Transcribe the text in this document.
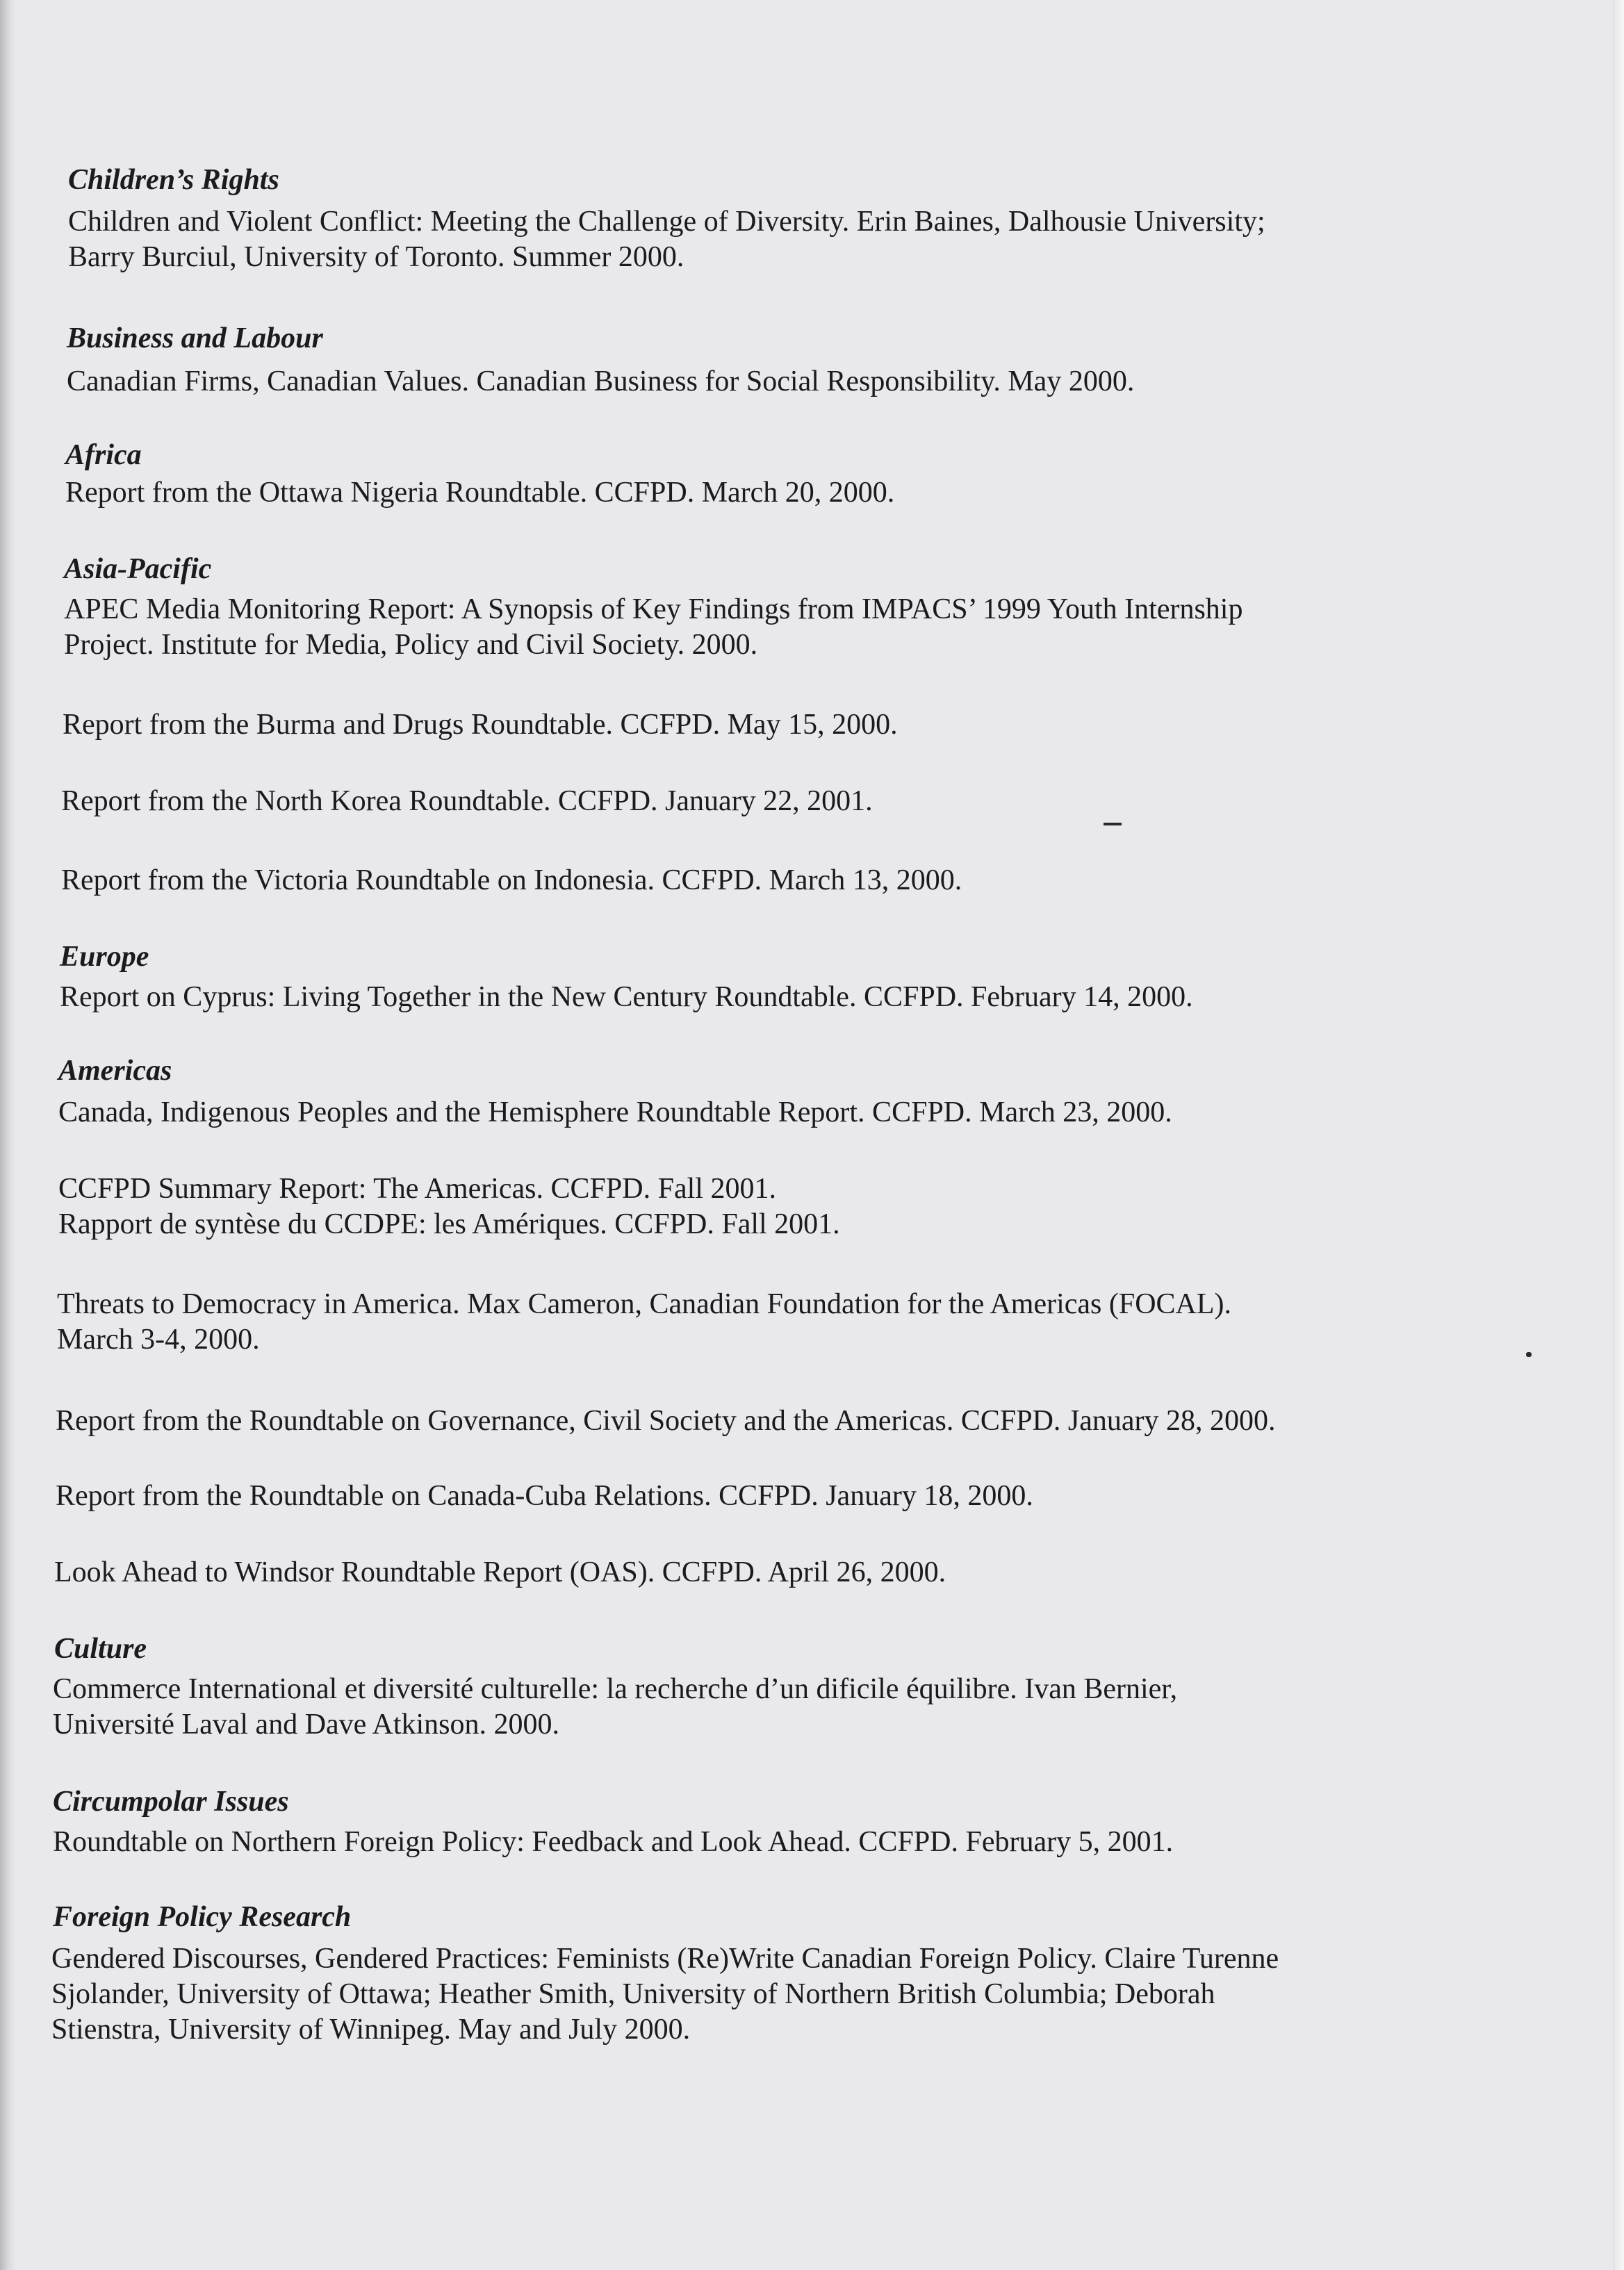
Children’s Rights
Children and Violent Conflict: Meeting the Challenge of Diversity. Erin Baines, Dalhousie University;
Barry Burciul, University of Toronto. Summer 2000.
Business and Labour
Canadian Firms, Canadian Values. Canadian Business for Social Responsibility. May 2000.
Africa
Report from the Ottawa Nigeria Roundtable. CCFPD. March 20, 2000.
Asia-Pacific
APEC Media Monitoring Report: A Synopsis of Key Findings from IMPACS’ 1999 Youth Internship
Project. Institute for Media, Policy and Civil Society. 2000.
Report from the Burma and Drugs Roundtable. CCFPD. May 15, 2000.
Report from the North Korea Roundtable. CCFPD. January 22, 2001.
Report from the Victoria Roundtable on Indonesia. CCFPD. March 13, 2000.
Europe
Report on Cyprus: Living Together in the New Century Roundtable. CCFPD. February 14, 2000.
Americas
Canada, Indigenous Peoples and the Hemisphere Roundtable Report. CCFPD. March 23, 2000.
CCFPD Summary Report: The Americas. CCFPD. Fall 2001.
Rapport de syntèse du CCDPE: les Amériques. CCFPD. Fall 2001.
Threats to Democracy in America. Max Cameron, Canadian Foundation for the Americas (FOCAL).
March 3-4, 2000.
Report from the Roundtable on Governance, Civil Society and the Americas. CCFPD. January 28, 2000.
Report from the Roundtable on Canada-Cuba Relations. CCFPD. January 18, 2000.
Look Ahead to Windsor Roundtable Report (OAS). CCFPD. April 26, 2000.
Culture
Commerce International et diversité culturelle: la recherche d’un dificile équilibre. Ivan Bernier,
Université Laval and Dave Atkinson. 2000.
Circumpolar Issues
Roundtable on Northern Foreign Policy: Feedback and Look Ahead. CCFPD. February 5, 2001.
Foreign Policy Research
Gendered Discourses, Gendered Practices: Feminists (Re)Write Canadian Foreign Policy. Claire Turenne
Sjolander, University of Ottawa; Heather Smith, University of Northern British Columbia; Deborah
Stienstra, University of Winnipeg. May and July 2000.
